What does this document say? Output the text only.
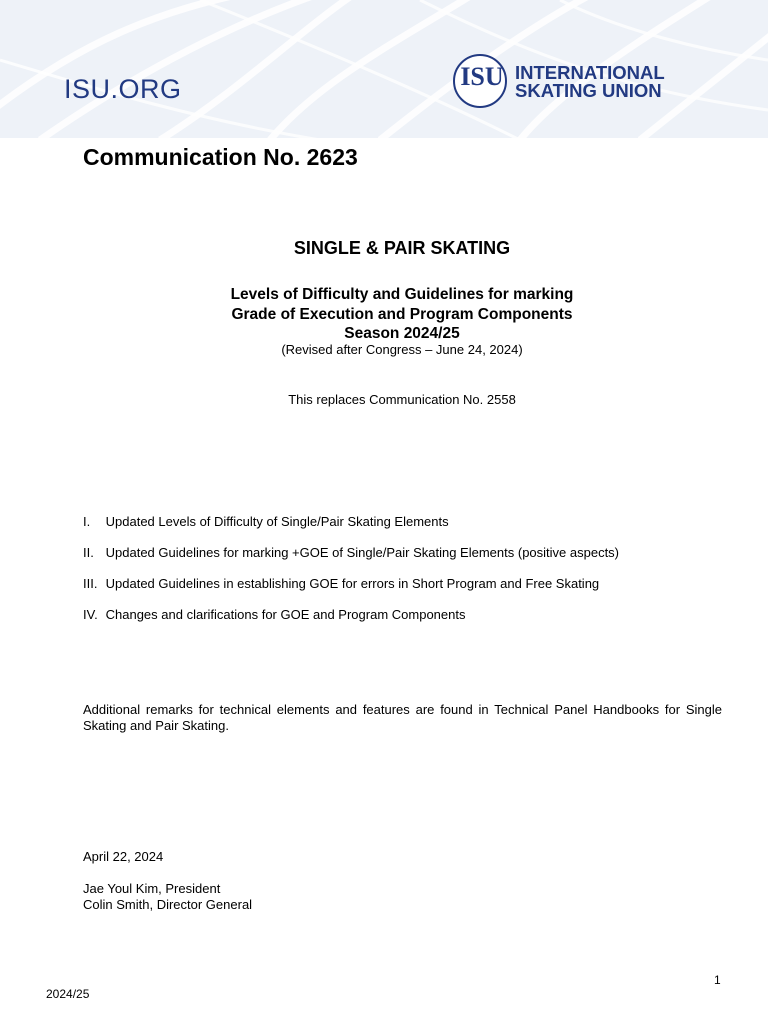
ISU.ORG	ISU INTERNATIONAL
SKATING UNION
Communication No. 2623
SINGLE & PAIR SKATING
Levels of Difficulty and Guidelines for marking
Grade of Execution and Program Components
Season 2024/25
(Revised after Congress – June 24, 2024)
This replaces Communication No. 2558
I. Updated Levels of Difficulty of Single/Pair Skating Elements
II. Updated Guidelines for marking +GOE of Single/Pair Skating Elements (positive aspects)
III. Updated Guidelines in establishing GOE for errors in Short Program and Free Skating
IV. Changes and clarifications for GOE and Program Components

Additional remarks for technical elements and features are found in Technical Panel Handbooks for Single Skating and Pair Skating.

April 22, 2024
Jae Youl Kim, President
Colin Smith, Director General
1
2024/25
